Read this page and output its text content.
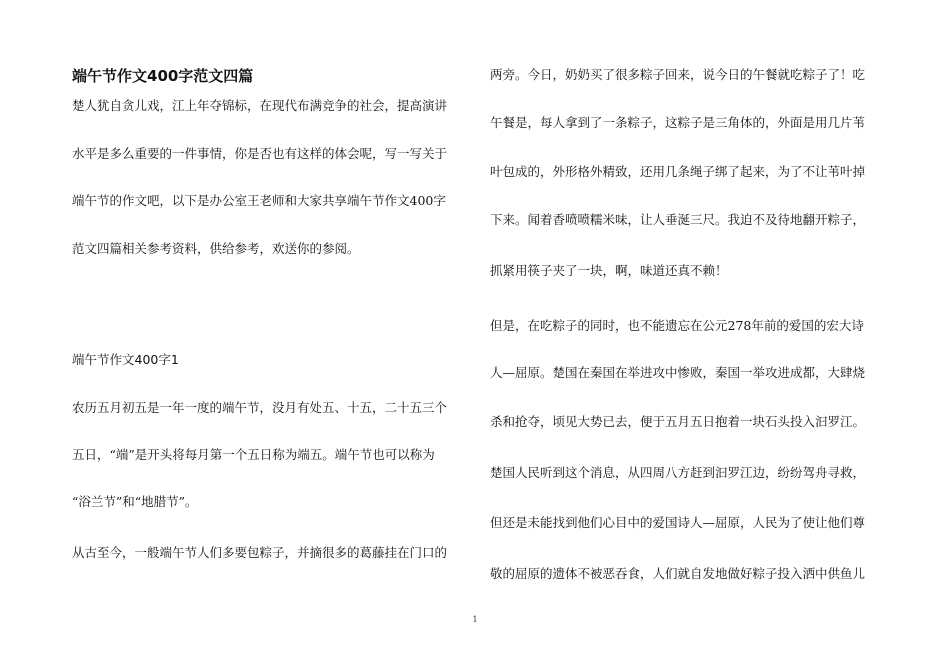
端午节作文400字范文四篇
楚人犹自贪儿戏，江上年夺锦标，在现代布满竞争的社会，提高演讲
水平是多么重要的一件事情，你是否也有这样的体会呢，写一写关于
端午节的作文吧，以下是办公室王老师和大家共享端午节作文400字
范文四篇相关参考资料，供给参考，欢送你的参阅。
端午节作文400字1
农历五月初五是一年一度的端午节，没月有处五、十五，二十五三个
五日，“端”是开头将每月第一个五日称为端五。端午节也可以称为
“浴兰节”和“地腊节”。
从古至今，一般端午节人们多要包粽子，并摘很多的葛藤挂在门口的
两旁。今日，奶奶买了很多粽子回来，说今日的午餐就吃粽子了！吃
午餐是，每人拿到了一条粽子，这粽子是三角体的，外面是用几片苇
叶包成的，外形格外精致，还用几条绳子绑了起来，为了不让苇叶掉
下来。闻着香喷喷糯米味，让人垂涎三尺。我迫不及待地翻开粽子，
抓紧用筷子夹了一块，啊，味道还真不赖！
但是，在吃粽子的同时，也不能遗忘在公元278年前的爱国的宏大诗
人—屈原。楚国在秦国在举进攻中惨败，秦国一举攻进成都，大肆烧
杀和抢夺，顷见大势已去，便于五月五日抱着一块石头投入汩罗江。
楚国人民听到这个消息，从四周八方赶到汩罗江边，纷纷驾舟寻救，
但还是未能找到他们心目中的爱国诗人—屈原，人民为了使让他们尊
敬的屈原的遗体不被恶吞食，人们就自发地做好粽子投入洒中供鱼儿
1
